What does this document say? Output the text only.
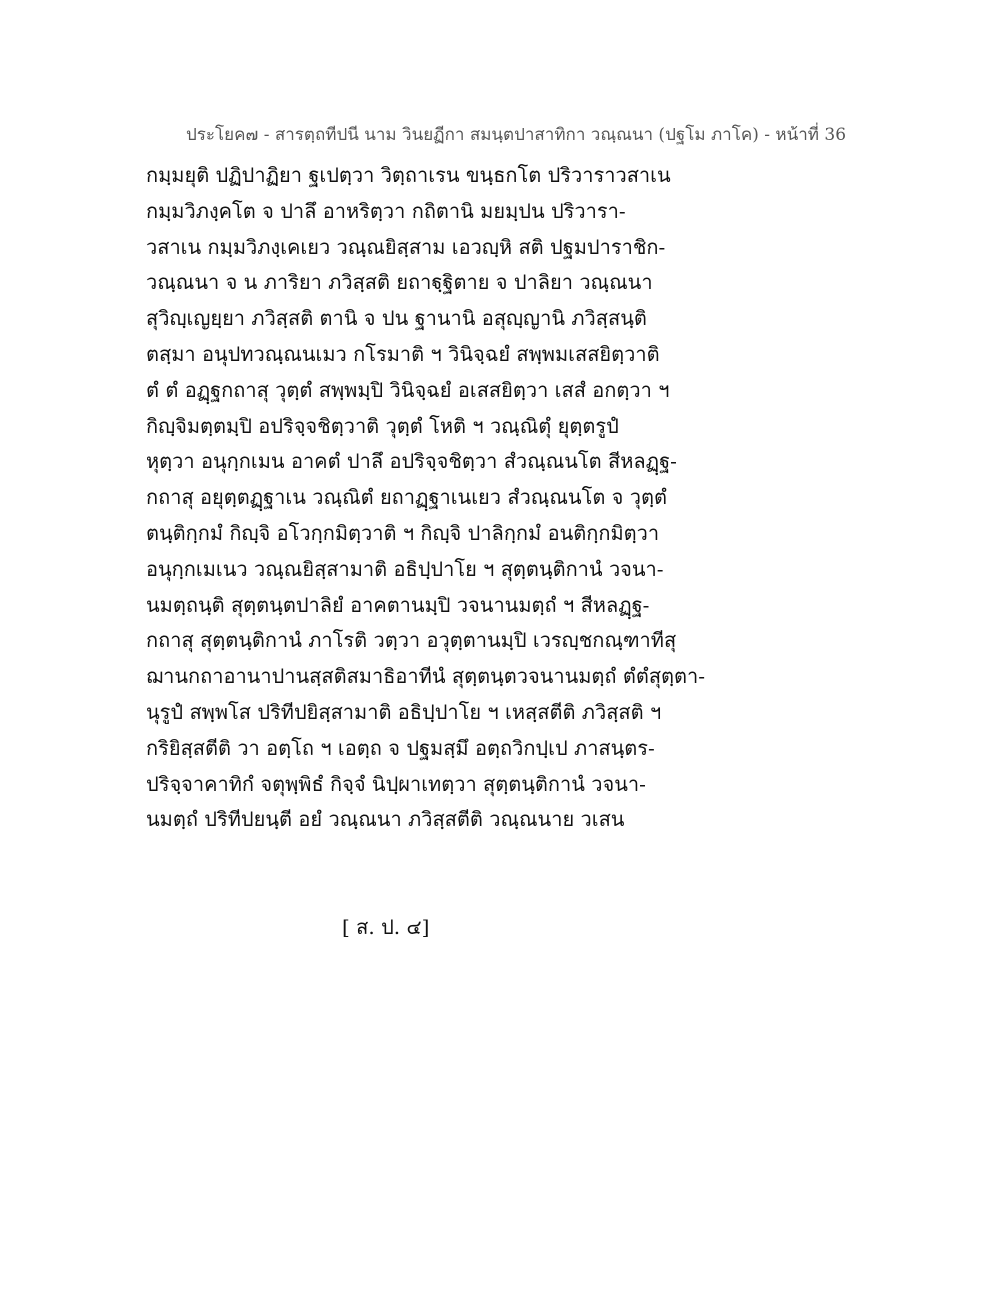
ประโยค๗ - สารตฺถทีปนี นาม วินยฏีกา สมนฺตปาสาทิกา วณฺณนา (ปฐโม ภาโค) - หน้าที่ 36
กมฺมยุติ ปฏิปาฏิยา ฐเปตฺวา วิตฺถาเรน ขนฺธกโต ปริวาราวสาเน
กมฺมวิภงฺคโต จ ปาลึ อาหริตฺวา กถิตานิ มยมฺปน ปริวารา-
วสาเน กมฺมวิภงฺเคเยว วณฺณยิสฺสาม เอวญฺหิ สติ ปฐมปาราชิก-
วณฺณนา จ น ภาริยา ภวิสฺสติ ยถาฐฺฐิตาย จ ปาลิยา วณฺณนา
สุวิญฺเญยฺยา ภวิสฺสติ ตานิ จ ปน ฐานานิ อสุญฺญานิ ภวิสฺสนฺติ
ตสฺมา อนุปทวณฺณนเมว กโรมาติ ฯ วินิจฺฉยํ สพฺพมเสสยิตฺวาติ
ตํ ตํ อฏฺฐกถาสุ วุตฺตํ สพฺพมฺปิ วินิจฺฉยํ อเสสยิตฺวา เสสํ อกตฺวา ฯ
กิญฺจิมตฺตมฺปิ อปริจฺจชิตฺวาติ วุตฺตํ โหติ ฯ วณฺณิตุํ ยุตฺตรูปํ
หุตฺวา อนุกฺกเมน อาคตํ ปาลึ อปริจฺจชิตฺวา สํวณฺณนโต สีหลฏฺฐ-
กถาสุ อยุตฺตฏฺฐาเน วณฺณิตํ ยถาฏฺฐาเนเยว สํวณฺณนโต จ วุตฺตํ
ตนฺติกฺกมํ กิญฺจิ อโวกฺกมิตฺวาติ ฯ กิญฺจิ ปาลิกฺกมํ อนติกฺกมิตฺวา
อนุกฺกเมเนว วณฺณยิสฺสามาติ อธิปฺปาโย ฯ สุตฺตนฺติกานํ วจนา-
นมตฺถนฺติ สุตฺตนฺตปาลิยํ อาคตานมฺปิ วจนานมตฺถํ ฯ สีหลฏฺฐ-
กถาสุ สุตฺตนฺติกานํ ภาโรติ วตฺวา อวุตฺตานมฺปิ เวรญฺชกณฺฑาทีสุ
ฌานกถาอานาปานสฺสติสมาธิอาทีนํ สุตฺตนฺตวจนานมตฺถํ ตํตํสุตฺตา-
นุรูปํ สพฺพโส ปริทีปยิสฺสามาติ อธิปฺปาโย ฯ เหสฺสตีติ ภวิสฺสติ ฯ
กริยิสฺสตีติ วา อตฺโถ ฯ เอตฺถ จ ปฐมสฺมึ อตฺถวิกปฺเป ภาสนฺตร-
ปริจฺจาคาทิกํ จตุพฺพิธํ กิจฺจํ นิปฺผาเทตฺวา สุตฺตนฺติกานํ วจนา-
นมตฺถํ ปริทีปยนฺตี อยํ วณฺณนา ภวิสฺสตีติ วณฺณนาย วเสน
[ ส. ป. ๔]
